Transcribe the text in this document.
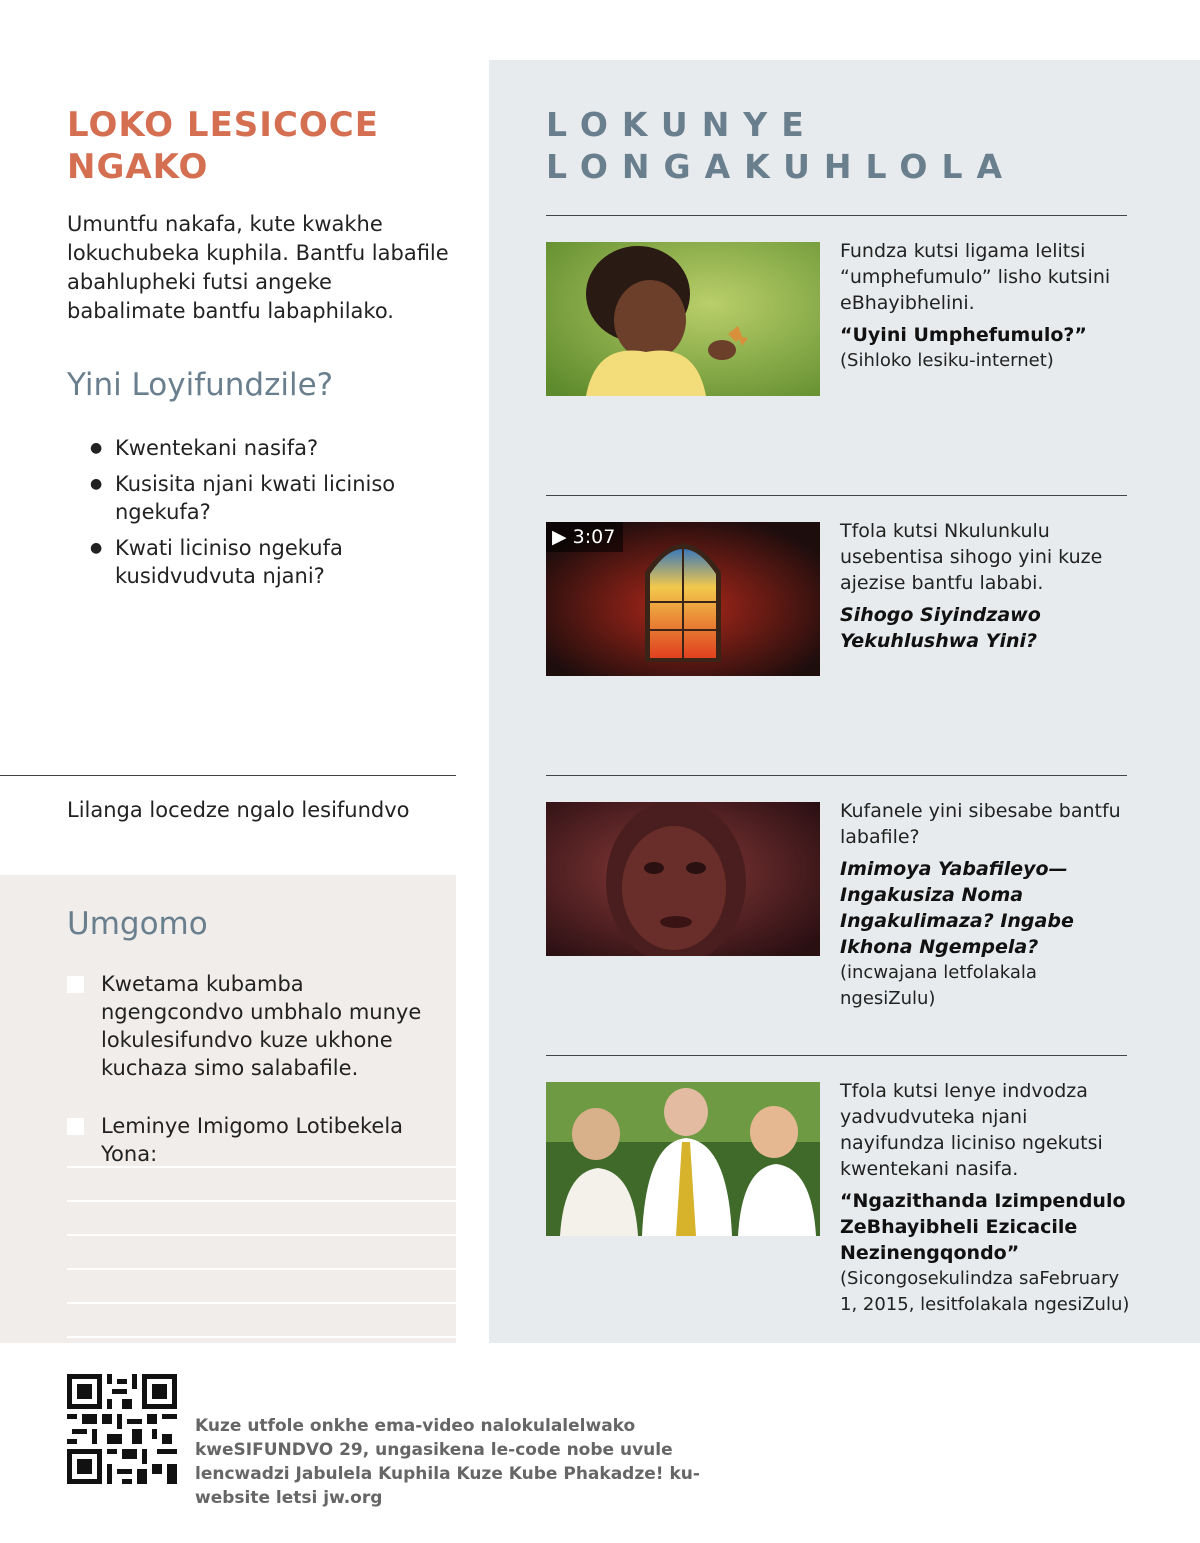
LOKO LESICOCE
NGAKO

Umuntfu nakafa, kute kwakhe lokuchubeka kuphila. Bantfu labafile abahlupheki futsi angeke babalimate bantfu labaphilako.

Yini Loyifundzile?
● Kwentekani nasifa?
● Kusisita njani kwati liciniso ngekufa?
● Kwati liciniso ngekufa kusidvudvuta njani?
Lilanga locedze ngalo lesifundvo
Umgomo
Kwetama kubamba ngengcondvo umbhalo munye lokulesifundvo kuze ukhone kuchaza simo salabafile.
Leminye Imigomo Lotibekela Yona:
LOKUNYE
LONGAKUHLOLA

Fundza kutsi ligama lelitsi “umphefumulo” lisho kutsini eBhayibhelini.

“Uyini Umphefumulo?”

(Sihloko lesiku-internet)

▶ 3:07	Tfola kutsi Nkulunkulu usebentisa sihogo yini kuze ajezise bantfu lababi.

Sihogo Siyindzawo Yekuhlushwa Yini?

Kufanele yini sibesabe bantfu labafile?

Imimoya Yabafileyo—Ingakusiza Noma Ingakulimaza? Ingabe Ikhona Ngempela?

(incwajana letfolakala ngesiZulu)

Tfola kutsi lenye indvodza yadvudvuteka njani nayifundza liciniso ngekutsi kwentekani nasifa.

“Ngazithanda Izimpendulo ZeBhayibheli Ezicacile Nezinengqondo”

(Sicongosekulindza saFebruary 1, 2015, lesitfolakala ngesiZulu)

Kuze utfole onkhe ema-video nalokulalelwako kweSIFUNDVO 29, ungasikena le-code nobe uvule lencwadzi Jabulela Kuphila Kuze Kube Phakadze! ku-website letsi jw.org
